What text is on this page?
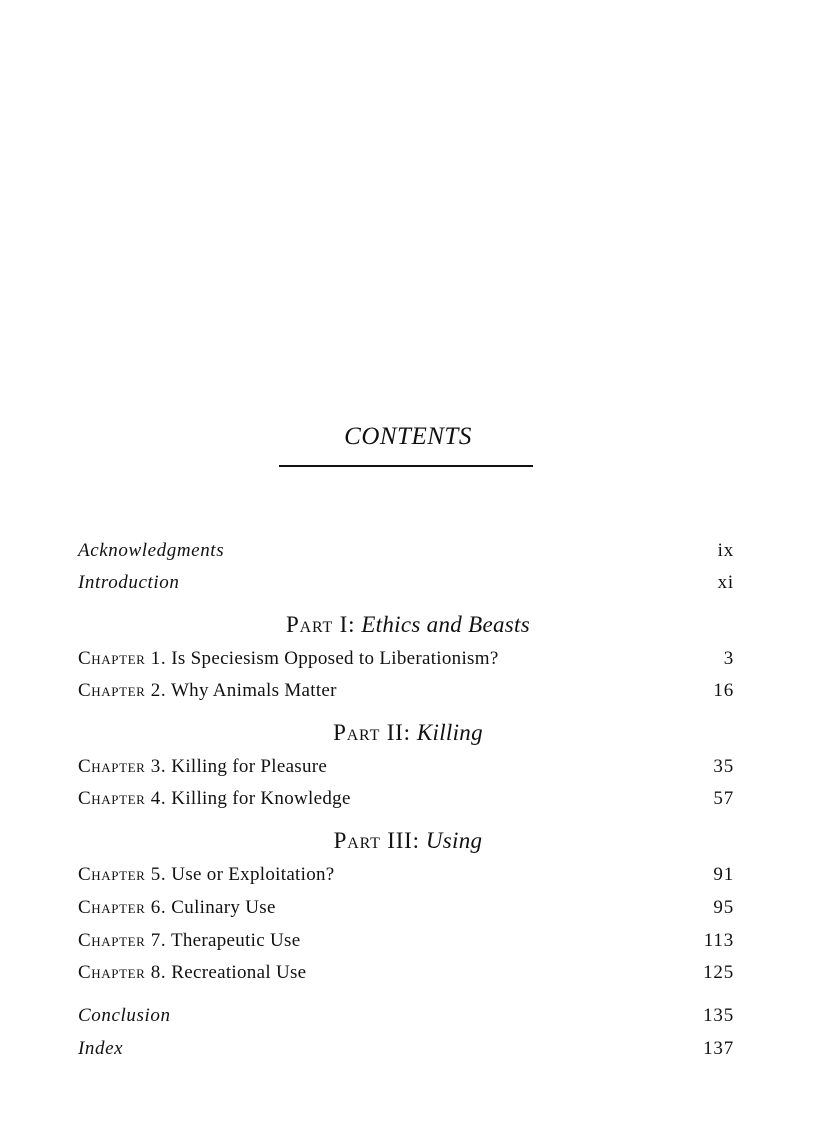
CONTENTS
Acknowledgments	ix
Introduction	xi
Part I: Ethics and Beasts
Chapter 1. Is Speciesism Opposed to Liberationism?	3
Chapter 2. Why Animals Matter	16
Part II: Killing
Chapter 3. Killing for Pleasure	35
Chapter 4. Killing for Knowledge	57
Part III: Using
Chapter 5. Use or Exploitation?	91
Chapter 6. Culinary Use	95
Chapter 7. Therapeutic Use	113
Chapter 8. Recreational Use	125
Conclusion	135
Index	137
